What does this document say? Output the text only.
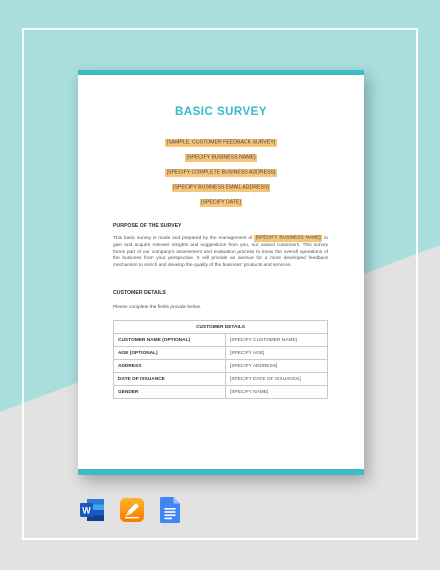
BASIC SURVEY
[SAMPLE: CUSTOMER FEEDBACK SURVEY]
[SPECIFY BUSINESS NAME]
[SPECIFY COMPLETE BUSINESS ADDRESS]
[SPECIFY BUSINESS EMAIL ADDRESS]
[SPECIFY DATE]
PURPOSE OF THE SURVEY
This basic survey is made and prepared by the management of [SPECIFY BUSINESS NAME] to gain and acquire relevant insights and suggestions from you, our valued customers. This survey forms part of our company's assessment and evaluation process to know the overall operations of the business from your perspective. It will provide an avenue for a more developed feedback mechanism to enrich and develop the quality of the business' products and services.
CUSTOMER DETAILS
Please complete the fields provide below.
CUSTOMER DETAILS	
CUSTOMER NAME (OPTIONAL)	[SPECIFY CUSTOMER NAME]
AGE (OPTIONAL)	[SPECIFY AGE]
ADDRESS	[SPECIFY ADDRESS]
DATE OF ISSUANCE	[SPECIFY DATE OF ISSUANCE]
GENDER	[SPECIFY NAME]
W
